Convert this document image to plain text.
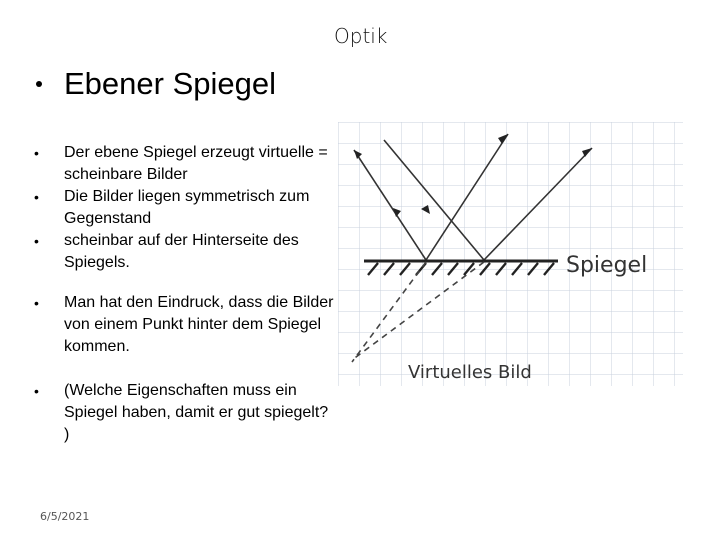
Optik
Ebener Spiegel
•	Der ebene Spiegel erzeugt virtuelle = scheinbare Bilder
•	Die Bilder liegen symmetrisch zum Gegenstand
•	scheinbar auf der Hinterseite des Spiegels.
•	Man hat den Eindruck, dass die Bilder von einem Punkt hinter dem Spiegel kommen.
•	(Welche Eigenschaften muss ein Spiegel haben, damit er gut spiegelt? )
Spiegel
Virtuelles Bild
6/5/2021
